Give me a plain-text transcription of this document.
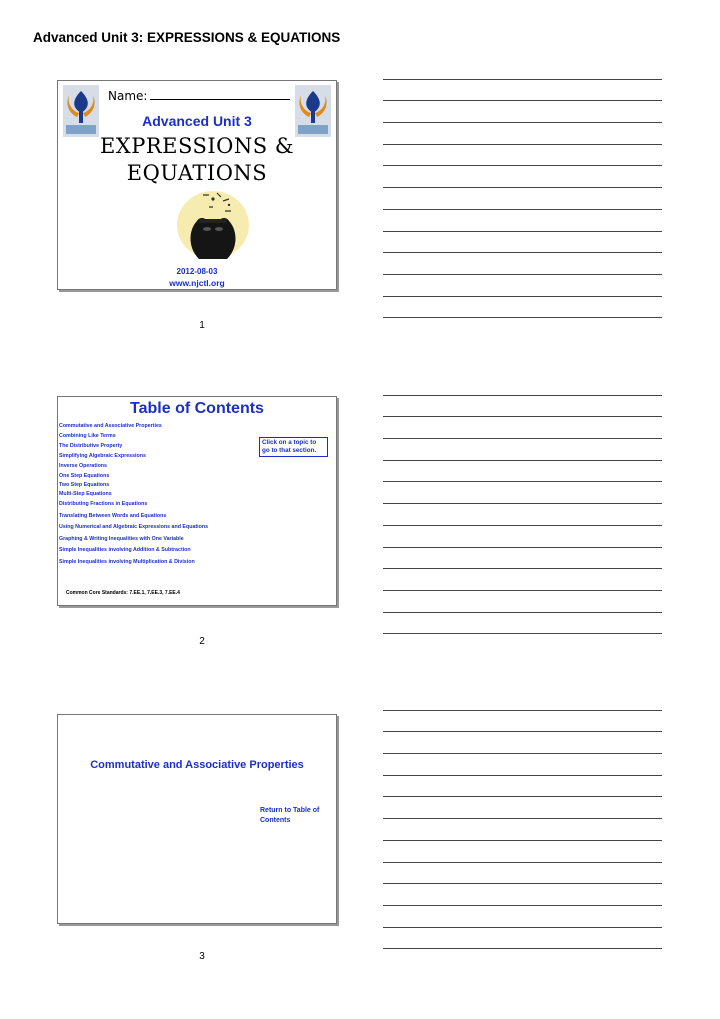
Advanced Unit 3: EXPRESSIONS & EQUATIONS
Name:
Advanced Unit 3
EXPRESSIONS &
EQUATIONS
2012-08-03
www.njctl.org
1
Table of Contents
Commutative and Associative Properties
Combining Like Terms
The Distributive Property
Simplifying Algebraic Expressions
Inverse Operations
One Step Equations
Two Step Equations
Multi-Step Equations
Distributing Fractions in Equations
Translating Between Words and Equations
Using Numerical and Algebraic Expressions and Equations
Graphing & Writing Inequalities with One Variable
Simple Inequalities involving Addition & Subtraction
Simple Inequalities involving Multiplication & Division
Click on a topic to go to that section.
Common Core Standards: 7.EE.1, 7.EE.3, 7.EE.4
2
Commutative and Associative Properties
Return to Table of Contents
3
